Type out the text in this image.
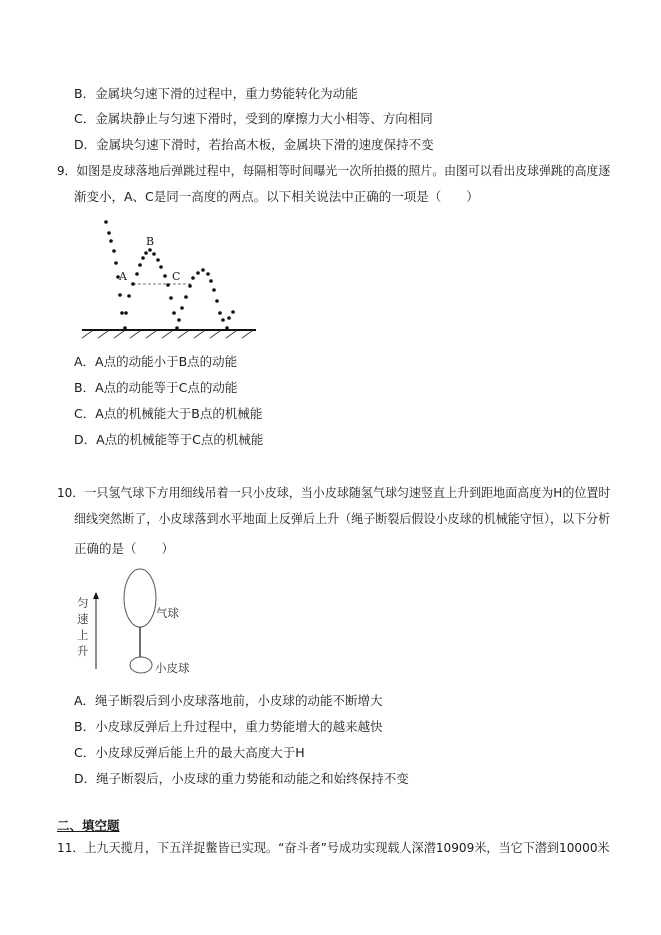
B．金属块匀速下滑的过程中，重力势能转化为动能
C．金属块静止与匀速下滑时，受到的摩擦力大小相等、方向相同
D．金属块匀速下滑时，若抬高木板，金属块下滑的速度保持不变
9．如图是皮球落地后弹跳过程中，每隔相等时间曝光一次所拍摄的照片。由图可以看出皮球弹跳的高度逐
渐变小，A、C是同一高度的两点。以下相关说法中正确的一项是（　　）
A
B
C
A．A点的动能小于B点的动能
B．A点的动能等于C点的动能
C．A点的机械能大于B点的机械能
D．A点的机械能等于C点的机械能
10．一只氢气球下方用细线吊着一只小皮球，当小皮球随氢气球匀速竖直上升到距地面高度为H的位置时
细线突然断了，小皮球落到水平地面上反弹后上升（绳子断裂后假设小皮球的机械能守恒），以下分析
正确的是（　　）
匀
速
上
升
气球
小皮球
A．绳子断裂后到小皮球落地前，小皮球的动能不断增大
B．小皮球反弹后上升过程中，重力势能增大的越来越快
C．小皮球反弹后能上升的最大高度大于H
D．绳子断裂后，小皮球的重力势能和动能之和始终保持不变
二、填空题
11．上九天揽月，下五洋捉鳖皆已实现。“奋斗者”号成功实现载人深潜10909米，当它下潜到10000米
